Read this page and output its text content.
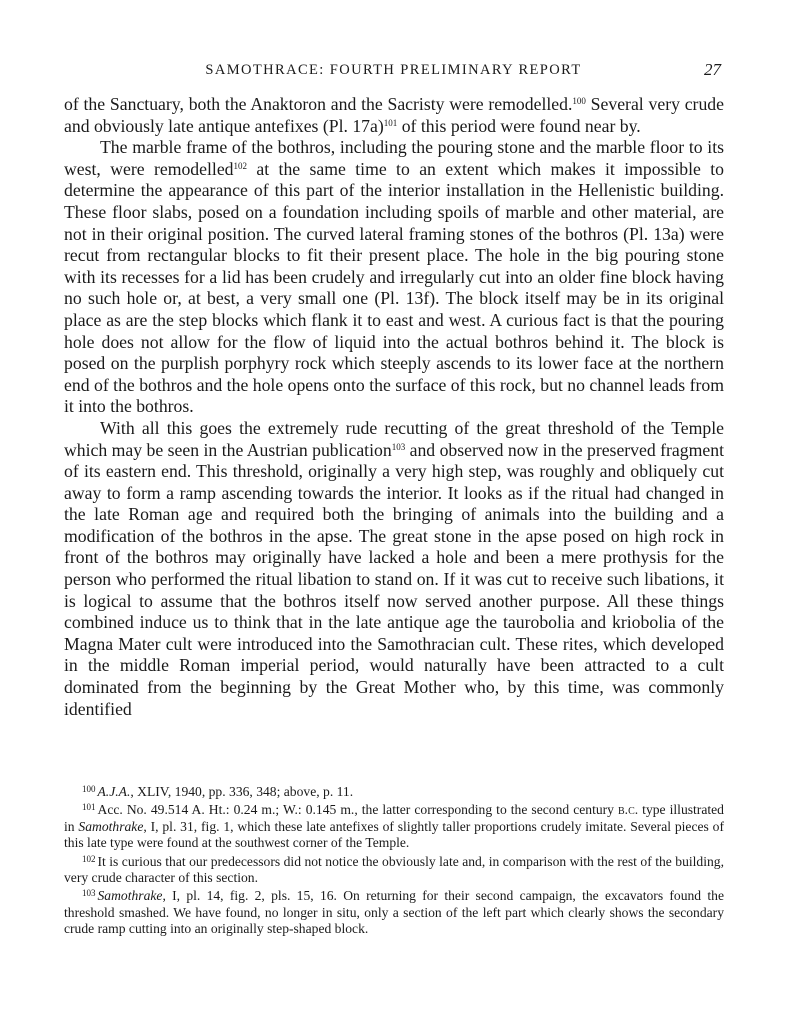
SAMOTHRACE: FOURTH PRELIMINARY REPORT	27

of the Sanctuary, both the Anaktoron and the Sacristy were remodelled.$^{100}$ Several very crude and obviously late antique antefixes (Pl. 17a)$^{101}$ of this period were found near by.

The marble frame of the bothros, including the pouring stone and the marble floor to its west, were remodelled$^{102}$ at the same time to an extent which makes it impossible to determine the appearance of this part of the interior installation in the Hellenistic building. These floor slabs, posed on a foundation including spoils of marble and other material, are not in their original position. The curved lateral framing stones of the bothros (Pl. 13a) were recut from rectangular blocks to fit their present place. The hole in the big pouring stone with its recesses for a lid has been crudely and irregularly cut into an older fine block having no such hole or, at best, a very small one (Pl. 13f). The block itself may be in its original place as are the step blocks which flank it to east and west. A curious fact is that the pouring hole does not allow for the flow of liquid into the actual bothros behind it. The block is posed on the purplish porphyry rock which steeply ascends to its lower face at the northern end of the bothros and the hole opens onto the surface of this rock, but no channel leads from it into the bothros.

With all this goes the extremely rude recutting of the great threshold of the Temple which may be seen in the Austrian publication$^{103}$ and observed now in the preserved fragment of its eastern end. This threshold, originally a very high step, was roughly and obliquely cut away to form a ramp ascending towards the interior. It looks as if the ritual had changed in the late Roman age and required both the bringing of animals into the building and a modification of the bothros in the apse. The great stone in the apse posed on high rock in front of the bothros may originally have lacked a hole and been a mere prothysis for the person who performed the ritual libation to stand on. If it was cut to receive such libations, it is logical to assume that the bothros itself now served another purpose. All these things combined induce us to think that in the late antique age the taurobolia and kriobolia of the Magna Mater cult were introduced into the Samothracian cult. These rites, which developed in the middle Roman imperial period, would naturally have been attracted to a cult dominated from the beginning by the Great Mother who, by this time, was commonly identified

$^{100}$ A.J.A., XLIV, 1940, pp. 336, 348; above, p. 11.

$^{101}$ Acc. No. 49.514 A. Ht.: 0.24 m.; W.: 0.145 m., the latter corresponding to the second century b.c. type illustrated in Samothrake, I, pl. 31, fig. 1, which these late antefixes of slightly taller proportions crudely imitate. Several pieces of this late type were found at the southwest corner of the Temple.

$^{102}$ It is curious that our predecessors did not notice the obviously late and, in comparison with the rest of the building, very crude character of this section.

$^{103}$ Samothrake, I, pl. 14, fig. 2, pls. 15, 16. On returning for their second campaign, the excavators found the threshold smashed. We have found, no longer in situ, only a section of the left part which clearly shows the secondary crude ramp cutting into an originally step-shaped block.
